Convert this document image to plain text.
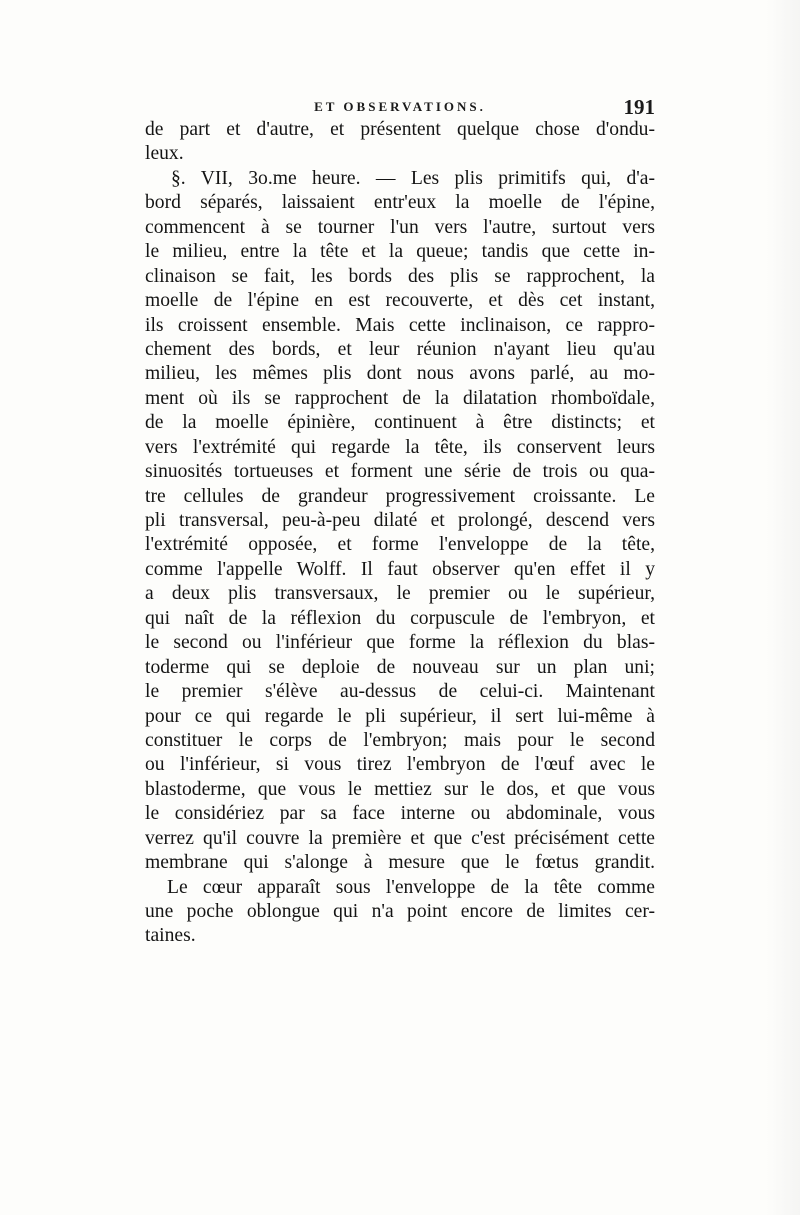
ET OBSERVATIONS.	191
de part et d'autre, et présentent quelque chose d'ondu-
leux.
§. VII, 3o.me heure. — Les plis primitifs qui, d'a-
bord séparés, laissaient entr'eux la moelle de l'épine,
commencent à se tourner l'un vers l'autre, surtout vers
le milieu, entre la tête et la queue; tandis que cette in-
clinaison se fait, les bords des plis se rapprochent, la
moelle de l'épine en est recouverte, et dès cet instant,
ils croissent ensemble. Mais cette inclinaison, ce rappro-
chement des bords, et leur réunion n'ayant lieu qu'au
milieu, les mêmes plis dont nous avons parlé, au mo-
ment où ils se rapprochent de la dilatation rhomboïdale,
de la moelle épinière, continuent à être distincts; et
vers l'extrémité qui regarde la tête, ils conservent leurs
sinuosités tortueuses et forment une série de trois ou qua-
tre cellules de grandeur progressivement croissante. Le
pli transversal, peu-à-peu dilaté et prolongé, descend vers
l'extrémité opposée, et forme l'enveloppe de la tête,
comme l'appelle Wolff. Il faut observer qu'en effet il y
a deux plis transversaux, le premier ou le supérieur,
qui naît de la réflexion du corpuscule de l'embryon, et
le second ou l'inférieur que forme la réflexion du blas-
toderme qui se deploie de nouveau sur un plan uni;
le premier s'élève au-dessus de celui-ci. Maintenant
pour ce qui regarde le pli supérieur, il sert lui-même à
constituer le corps de l'embryon; mais pour le second
ou l'inférieur, si vous tirez l'embryon de l'œuf avec le
blastoderme, que vous le mettiez sur le dos, et que vous
le considériez par sa face interne ou abdominale, vous
verrez qu'il couvre la première et que c'est précisément cette
membrane qui s'alonge à mesure que le fœtus grandit.
Le cœur apparaît sous l'enveloppe de la tête comme
une poche oblongue qui n'a point encore de limites cer-
taines.
